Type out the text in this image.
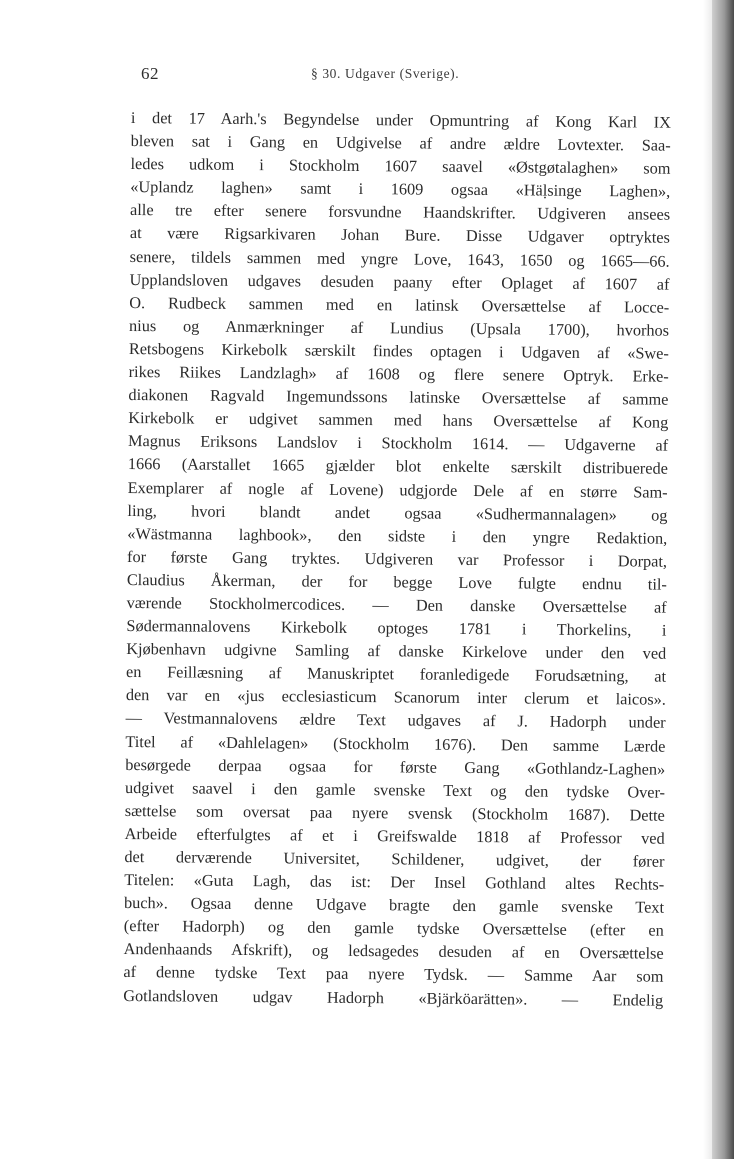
62	§ 30. Udgaver (Sverige).
i det 17 Aarh.'s Begyndelse under Opmuntring af Kong Karl IX
bleven sat i Gang en Udgivelse af andre ældre Lovtexter. Saa-
ledes udkom i Stockholm 1607 saavel «Østgøtalaghen» som
«Uplandz laghen» samt i 1609 ogsaa «Häḷsinge Laghen»,
alle tre efter senere forsvundne Haandskrifter. Udgiveren ansees
at være Rigsarkivaren Johan Bure. Disse Udgaver optryktes
senere, tildels sammen med yngre Love, 1643, 1650 og 1665—66.
Upplandsloven udgaves desuden paany efter Oplaget af 1607 af
O. Rudbeck sammen med en latinsk Oversættelse af Locce-
nius og Anmærkninger af Lundius (Upsala 1700), hvorhos
Retsbogens Kirkebolk særskilt findes optagen i Udgaven af «Swe-
rikes Riikes Landzlagh» af 1608 og flere senere Optryk. Erke-
diakonen Ragvald Ingemundssons latinske Oversættelse af samme
Kirkebolk er udgivet sammen med hans Oversættelse af Kong
Magnus Eriksons Landslov i Stockholm 1614. — Udgaverne af
1666 (Aarstallet 1665 gjælder blot enkelte særskilt distribuerede
Exemplarer af nogle af Lovene) udgjorde Dele af en større Sam-
ling, hvori blandt andet ogsaa «Sudhermannalagen» og
«Wästmanna laghbook», den sidste i den yngre Redaktion,
for første Gang tryktes. Udgiveren var Professor i Dorpat,
Claudius Åkerman, der for begge Love fulgte endnu til-
værende Stockholmercodices. — Den danske Oversættelse af
Sødermannalovens Kirkebolk optoges 1781 i Thorkelins, i
Kjøbenhavn udgivne Samling af danske Kirkelove under den ved
en Feillæsning af Manuskriptet foranledigede Forudsætning, at
den var en «jus ecclesiasticum Scanorum inter clerum et laicos».
— Vestmannalovens ældre Text udgaves af J. Hadorph under
Titel af «Dahlelagen» (Stockholm 1676). Den samme Lærde
besørgede derpaa ogsaa for første Gang «Gothlandz-Laghen»
udgivet saavel i den gamle svenske Text og den tydske Over-
sættelse som oversat paa nyere svensk (Stockholm 1687). Dette
Arbeide efterfulgtes af et i Greifswalde 1818 af Professor ved
det derværende Universitet, Schildener, udgivet, der fører
Titelen: «Guta Lagh, das ist: Der Insel Gothland altes Rechts-
buch». Ogsaa denne Udgave bragte den gamle svenske Text
(efter Hadorph) og den gamle tydske Oversættelse (efter en
Andenhaands Afskrift), og ledsagedes desuden af en Oversættelse
af denne tydske Text paa nyere Tydsk. — Samme Aar som
Gotlandsloven udgav Hadorph «Bjärköarätten». — Endelig
